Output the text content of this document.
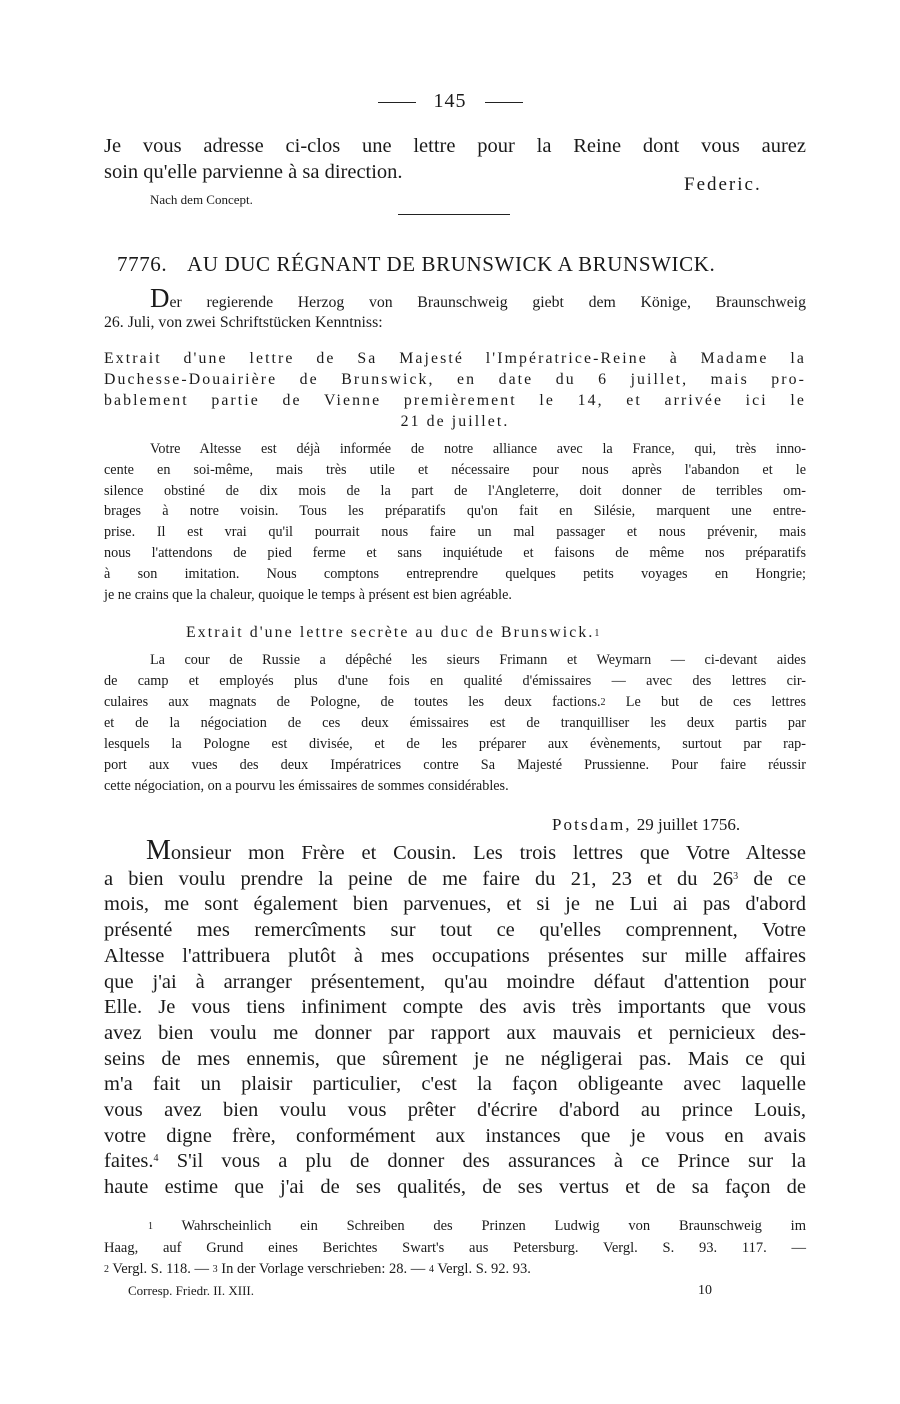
145
Je vous adresse ci-clos une lettre pour la Reine dont vous aurez
soin qu'elle parvienne à sa direction.
Federic.
Nach dem Concept.
7776. AU DUC RÉGNANT DE BRUNSWICK A BRUNSWICK.
Der regierende Herzog von Braunschweig giebt dem Könige, Braunschweig
26. Juli, von zwei Schriftstücken Kenntniss:
Extrait d'une lettre de Sa Majesté l'Impératrice-Reine à Madame la
Duchesse-Douairière de Brunswick, en date du 6 juillet, mais pro-
bablement partie de Vienne premièrement le 14, et arrivée ici le
21 de juillet.
Votre Altesse est déjà informée de notre alliance avec la France, qui, très inno-
cente en soi-même, mais très utile et nécessaire pour nous après l'abandon et le
silence obstiné de dix mois de la part de l'Angleterre, doit donner de terribles om-
brages à notre voisin. Tous les préparatifs qu'on fait en Silésie, marquent une entre-
prise. Il est vrai qu'il pourrait nous faire un mal passager et nous prévenir, mais
nous l'attendons de pied ferme et sans inquiétude et faisons de même nos préparatifs
à son imitation. Nous comptons entreprendre quelques petits voyages en Hongrie;
je ne crains que la chaleur, quoique le temps à présent est bien agréable.
Extrait d'une lettre secrète au duc de Brunswick.1
La cour de Russie a dépêché les sieurs Frimann et Weymarn — ci-devant aides
de camp et employés plus d'une fois en qualité d'émissaires — avec des lettres cir-
culaires aux magnats de Pologne, de toutes les deux factions.2 Le but de ces lettres
et de la négociation de ces deux émissaires est de tranquilliser les deux partis par
lesquels la Pologne est divisée, et de les préparer aux évènements, surtout par rap-
port aux vues des deux Impératrices contre Sa Majesté Prussienne. Pour faire réussir
cette négociation, on a pourvu les émissaires de sommes considérables.
Potsdam, 29 juillet 1756.
Monsieur mon Frère et Cousin. Les trois lettres que Votre Altesse
a bien voulu prendre la peine de me faire du 21, 23 et du $26^3$ de ce
mois, me sont également bien parvenues, et si je ne Lui ai pas d'abord
présenté mes remercîments sur tout ce qu'elles comprennent, Votre
Altesse l'attribuera plutôt à mes occupations présentes sur mille affaires
que j'ai à arranger présentement, qu'au moindre défaut d'attention pour
Elle. Je vous tiens infiniment compte des avis très importants que vous
avez bien voulu me donner par rapport aux mauvais et pernicieux des-
seins de mes ennemis, que sûrement je ne négligerai pas. Mais ce qui
m'a fait un plaisir particulier, c'est la façon obligeante avec laquelle
vous avez bien voulu vous prêter d'écrire d'abord au prince Louis,
votre digne frère, conformément aux instances que je vous en avais
faites.$^4$ S'il vous a plu de donner des assurances à ce Prince sur la
haute estime que j'ai de ses qualités, de ses vertus et de sa façon de
1 Wahrscheinlich ein Schreiben des Prinzen Ludwig von Braunschweig im
Haag, auf Grund eines Berichtes Swart's aus Petersburg. Vergl. S. 93. 117. —
2 Vergl. S. 118. — 3 In der Vorlage verschrieben: 28. — 4 Vergl. S. 92. 93.
Corresp. Friedr. II. XIII.	10
